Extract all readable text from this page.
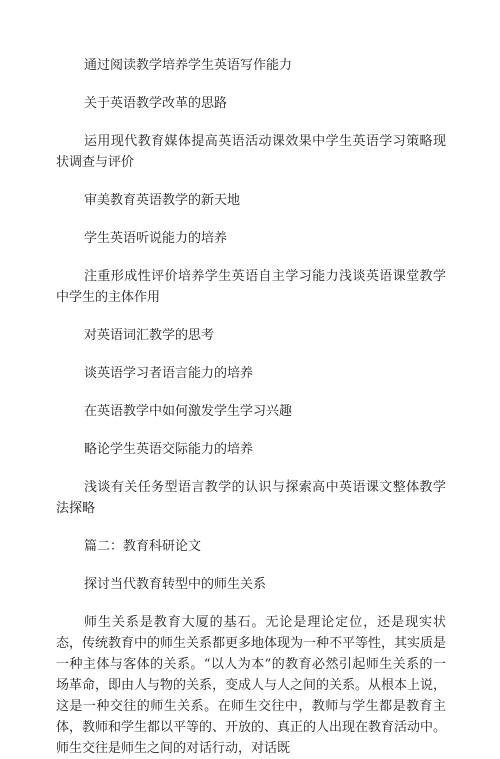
通过阅读教学培养学生英语写作能力

关于英语教学改革的思路

运用现代教育媒体提高英语活动课效果中学生英语学习策略现状调查与评价

审美教育英语教学的新天地

学生英语听说能力的培养

注重形成性评价培养学生英语自主学习能力浅谈英语课堂教学中学生的主体作用

对英语词汇教学的思考

谈英语学习者语言能力的培养

在英语教学中如何激发学生学习兴趣

略论学生英语交际能力的培养

浅谈有关任务型语言教学的认识与探索高中英语课文整体教学法探略

篇二：教育科研论文

探讨当代教育转型中的师生关系

师生关系是教育大厦的基石。无论是理论定位，还是现实状态，传统教育中的师生关系都更多地体现为一种不平等性，其实质是一种主体与客体的关系。“以人为本”的教育必然引起师生关系的一场革命，即由人与物的关系，变成人与人之间的关系。从根本上说，这是一种交往的师生关系。在师生交往中，教师与学生都是教育主体，教师和学生都以平等的、开放的、真正的人出现在教育活动中。师生交往是师生之间的对话行动，对话既
